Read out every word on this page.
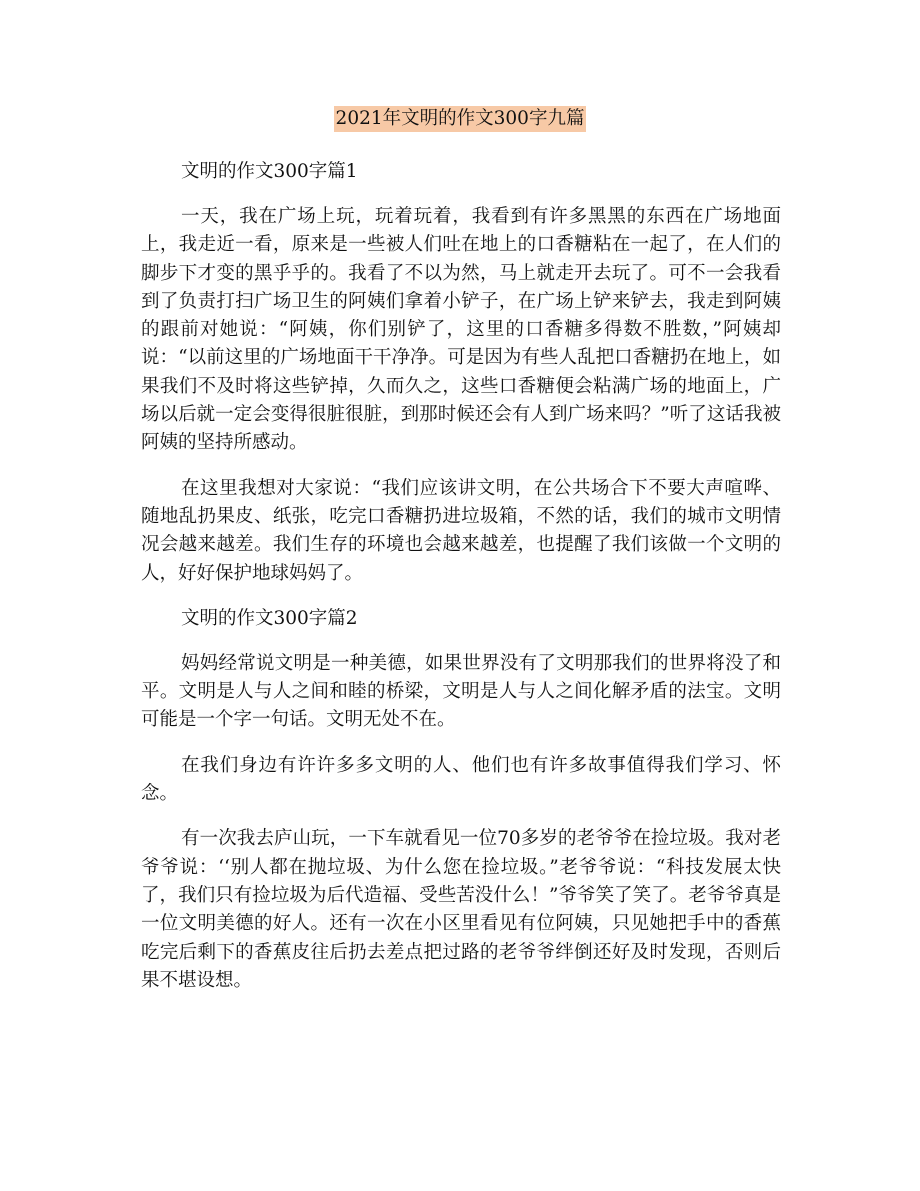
2021年文明的作文300字九篇
文明的作文300字篇1

一天，我在广场上玩，玩着玩着，我看到有许多黑黑的东西在广场地面上，我走近一看，原来是一些被人们吐在地上的口香糖粘在一起了，在人们的脚步下才变的黑乎乎的。我看了不以为然，马上就走开去玩了。可不一会我看到了负责打扫广场卫生的阿姨们拿着小铲子，在广场上铲来铲去，我走到阿姨的跟前对她说：“阿姨，你们别铲了，这里的口香糖多得数不胜数，”阿姨却说：“以前这里的广场地面干干净净。可是因为有些人乱把口香糖扔在地上，如果我们不及时将这些铲掉，久而久之，这些口香糖便会粘满广场的地面上，广场以后就一定会变得很脏很脏，到那时候还会有人到广场来吗？”听了这话我被阿姨的坚持所感动。

在这里我想对大家说：“我们应该讲文明，在公共场合下不要大声喧哗、随地乱扔果皮、纸张，吃完口香糖扔进垃圾箱，不然的话，我们的城市文明情况会越来越差。我们生存的环境也会越来越差，也提醒了我们该做一个文明的人，好好保护地球妈妈了。

文明的作文300字篇2

妈妈经常说文明是一种美德，如果世界没有了文明那我们的世界将没了和平。文明是人与人之间和睦的桥梁，文明是人与人之间化解矛盾的法宝。文明可能是一个字一句话。文明无处不在。

在我们身边有许许多多文明的人、他们也有许多故事值得我们学习、怀念。

有一次我去庐山玩，一下车就看见一位70多岁的老爷爷在捡垃圾。我对老爷爷说：‘‘别人都在抛垃圾、为什么您在捡垃圾。”老爷爷说：“科技发展太快了，我们只有捡垃圾为后代造福、受些苦没什么！”爷爷笑了笑了。老爷爷真是一位文明美德的好人。还有一次在小区里看见有位阿姨，只见她把手中的香蕉吃完后剩下的香蕉皮往后扔去差点把过路的老爷爷绊倒还好及时发现，否则后果不堪设想。
